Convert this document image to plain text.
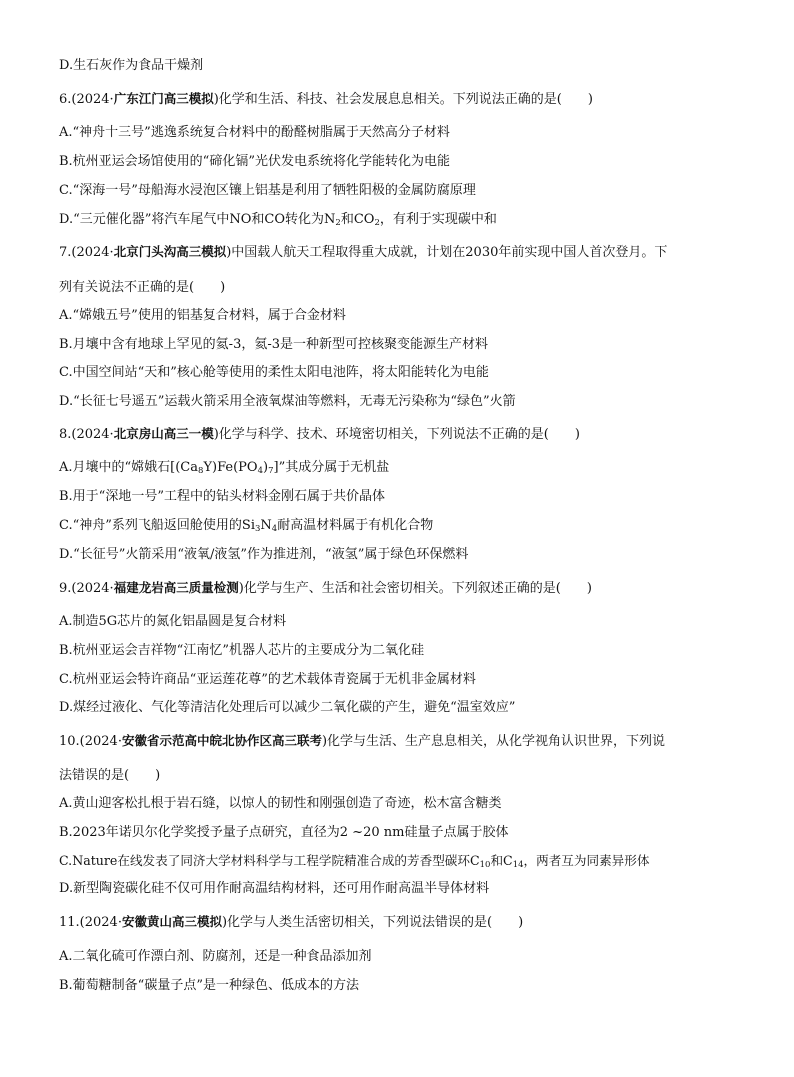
D.生石灰作为食品干燥剂
6.(2024·广东江门高三模拟)化学和生活、科技、社会发展息息相关。下列说法正确的是(　　)
A.“神舟十三号”逃逸系统复合材料中的酚醛树脂属于天然高分子材料
B.杭州亚运会场馆使用的“碲化镉”光伏发电系统将化学能转化为电能
C.“深海一号”母船海水浸泡区镶上铝基是利用了牺牲阳极的金属防腐原理
D.“三元催化器”将汽车尾气中NO和CO转化为$N_2$和$CO_2$，有利于实现碳中和
7.(2024·北京门头沟高三模拟)中国载人航天工程取得重大成就，计划在2030年前实现中国人首次登月。下
列有关说法不正确的是(　　)
A.“嫦娥五号”使用的铝基复合材料，属于合金材料
B.月壤中含有地球上罕见的氦-3，氦-3是一种新型可控核聚变能源生产材料
C.中国空间站“天和”核心舱等使用的柔性太阳电池阵，将太阳能转化为电能
D.“长征七号遥五”运载火箭采用全液氧煤油等燃料，无毒无污染称为“绿色”火箭
8.(2024·北京房山高三一模)化学与科学、技术、环境密切相关，下列说法不正确的是(　　)
A.月壤中的“嫦娥石$[(Ca_8Y)Fe(PO_4)_7]$”其成分属于无机盐
B.用于“深地一号”工程中的钻头材料金刚石属于共价晶体
C.“神舟”系列飞船返回舱使用的$Si_3N_4$耐高温材料属于有机化合物
D.“长征号”火箭采用“液氧/液氢”作为推进剂，“液氢”属于绿色环保燃料
9.(2024·福建龙岩高三质量检测)化学与生产、生活和社会密切相关。下列叙述正确的是(　　)
A.制造5G芯片的氮化铝晶圆是复合材料
B.杭州亚运会吉祥物“江南忆”机器人芯片的主要成分为二氧化硅
C.杭州亚运会特许商品“亚运莲花尊”的艺术载体青瓷属于无机非金属材料
D.煤经过液化、气化等清洁化处理后可以减少二氧化碳的产生，避免“温室效应”
10.(2024·安徽省示范高中皖北协作区高三联考)化学与生活、生产息息相关，从化学视角认识世界，下列说
法错误的是(　　)
A.黄山迎客松扎根于岩石缝，以惊人的韧性和刚强创造了奇迹，松木富含糖类
B.2023年诺贝尔化学奖授予量子点研究，直径为2 ~20 nm硅量子点属于胶体
C.Nature在线发表了同济大学材料科学与工程学院精准合成的芳香型碳环$C_{10}$和$C_{14}$，两者互为同素异形体
D.新型陶瓷碳化硅不仅可用作耐高温结构材料，还可用作耐高温半导体材料
11.(2024·安徽黄山高三模拟)化学与人类生活密切相关，下列说法错误的是(　　)
A.二氧化硫可作漂白剂、防腐剂，还是一种食品添加剂
B.葡萄糖制备“碳量子点”是一种绿色、低成本的方法
